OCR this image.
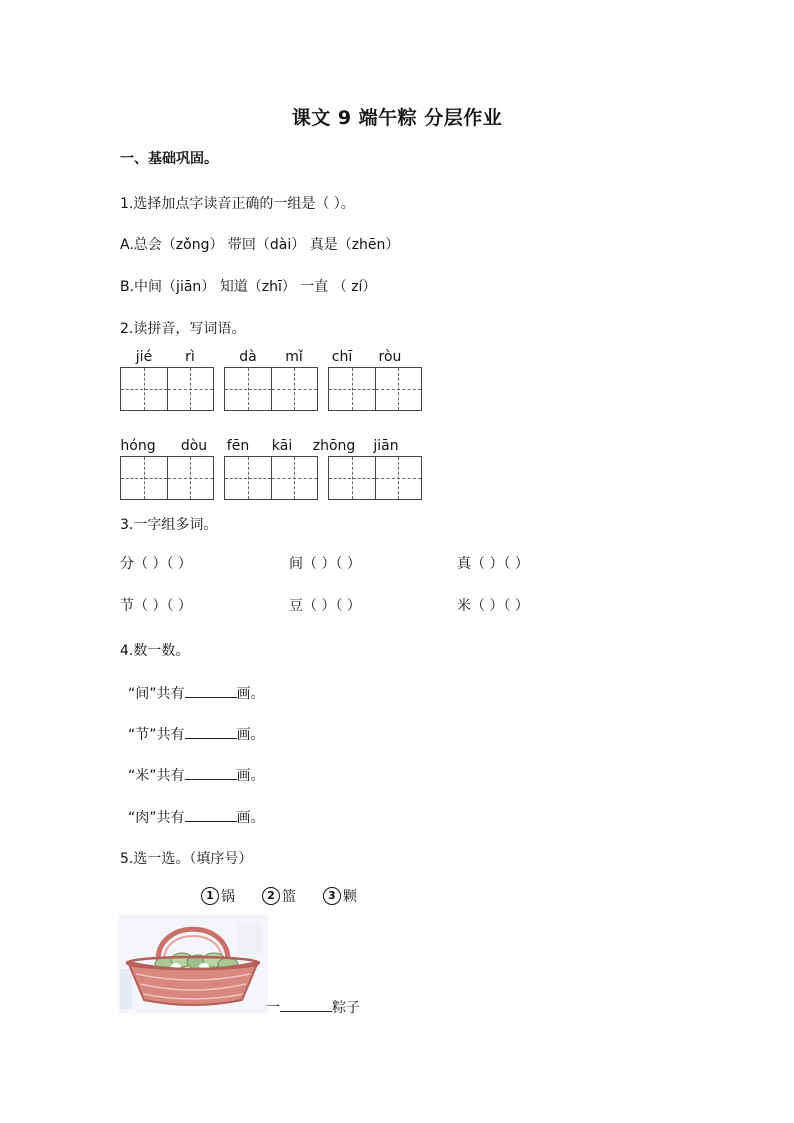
课文 9 端午粽 分层作业
一、基础巩固。
1.选择加点字读音正确的一组是（ ）。
A.总会（zǒng） 带回（dài） 真是（zhēn）
B.中间（jiān） 知道（zhī） 一直 （ zí）
2.读拼音，写词语。
jié	rì	dà	mǐ	chī	ròu
hóng	dòu	fēn	kāi	zhōng	jiān
3.一字组多词。
分（ ）（ ）	间（ ）（ ）	真（ ）（ ）
节（ ）（ ）	豆（ ）（ ）	米（ ）（ ）
4.数一数。
“间”共有	画。
“节”共有	画。
“米”共有	画。
“肉”共有	画。
5.选一选。（填序号）
1 锅	2 篮	3 颗
一	粽子
